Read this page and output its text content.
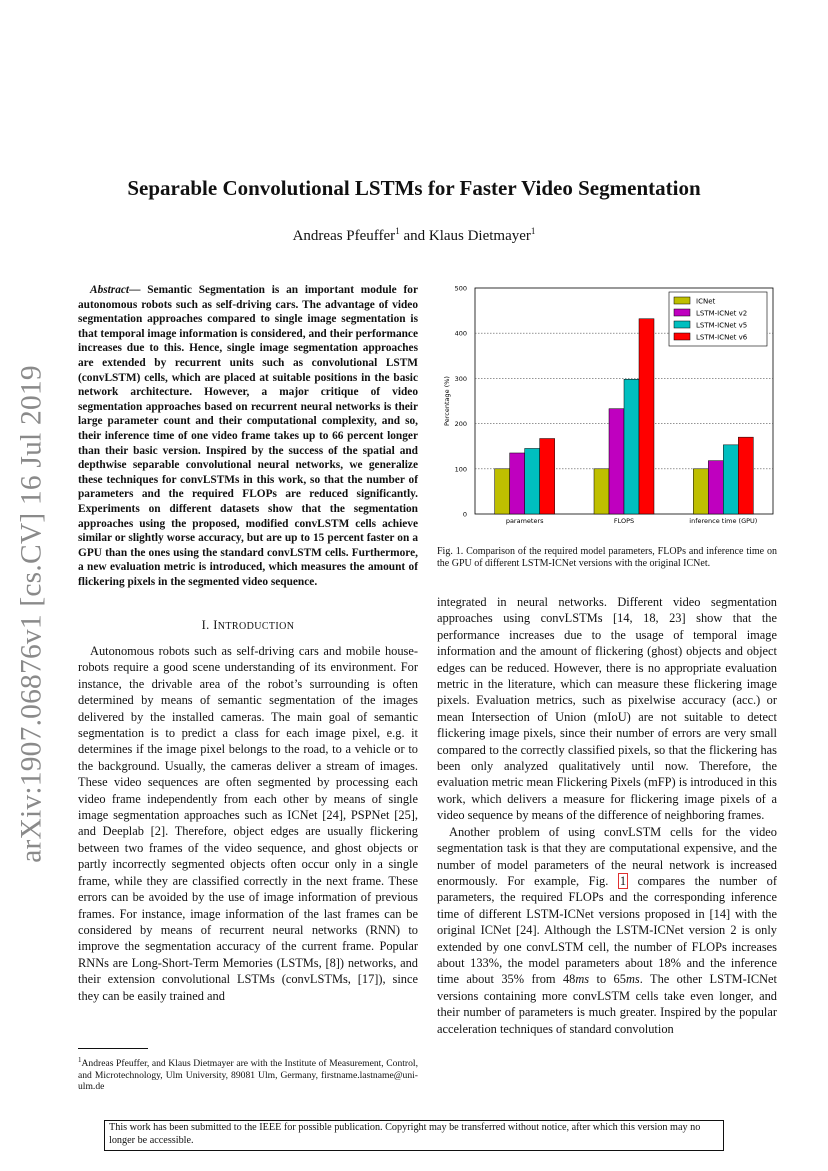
arXiv:1907.06876v1 [cs.CV] 16 Jul 2019
Separable Convolutional LSTMs for Faster Video Segmentation
Andreas Pfeuffer$^1$ and Klaus Dietmayer$^1$
Abstract— Semantic Segmentation is an important module for autonomous robots such as self-driving cars. The advantage of video segmentation approaches compared to single image segmentation is that temporal image information is considered, and their performance increases due to this. Hence, single image segmentation approaches are extended by recurrent units such as convolutional LSTM (convLSTM) cells, which are placed at suitable positions in the basic network architecture. However, a major critique of video segmentation approaches based on recurrent neural networks is their large parameter count and their computational complexity, and so, their inference time of one video frame takes up to 66 percent longer than their basic version. Inspired by the success of the spatial and depthwise separable convolutional neural networks, we generalize these techniques for convLSTMs in this work, so that the number of parameters and the required FLOPs are reduced significantly. Experiments on different datasets show that the segmentation approaches using the proposed, modified convLSTM cells achieve similar or slightly worse accuracy, but are up to 15 percent faster on a GPU than the ones using the standard convLSTM cells. Furthermore, a new evaluation metric is introduced, which measures the amount of flickering pixels in the segmented video sequence.
I. INTRODUCTION

Autonomous robots such as self-driving cars and mobile house-robots require a good scene understanding of its environment. For instance, the drivable area of the robot’s surrounding is often determined by means of semantic segmentation of the images delivered by the installed cameras. The main goal of semantic segmentation is to predict a class for each image pixel, e.g. it determines if the image pixel belongs to the road, to a vehicle or to the background. Usually, the cameras deliver a stream of images. These video sequences are often segmented by processing each video frame independently from each other by means of single image segmentation approaches such as ICNet [24], PSPNet [25], and Deeplab [2]. Therefore, object edges are usually flickering between two frames of the video sequence, and ghost objects or partly incorrectly segmented objects often occur only in a single frame, while they are classified correctly in the next frame. These errors can be avoided by the use of image information of previous frames. For instance, image information of the last frames can be considered by means of recurrent neural networks (RNN) to improve the segmentation accuracy of the current frame. Popular RNNs are Long-Short-Term Memories (LSTMs, [8]) networks, and their extension convolutional LSTMs (convLSTMs, [17]), since they can be easily trained and

$^1$Andreas Pfeuffer, and Klaus Dietmayer are with the Institute of Measurement, Control, and Microtechnology, Ulm University, 89081 Ulm, Germany, firstname.lastname@uni-ulm.de
0
100
200
300
400
500
Percentage (%)
parameters	FLOPS	inference time (GPU)
ICNet
LSTM-ICNet v2
LSTM-ICNet v5
LSTM-ICNet v6
Fig. 1. Comparison of the required model parameters, FLOPs and inference time on the GPU of different LSTM-ICNet versions with the original ICNet.

integrated in neural networks. Different video segmentation approaches using convLSTMs [14, 18, 23] show that the performance increases due to the usage of temporal image information and the amount of flickering (ghost) objects and object edges can be reduced. However, there is no appropriate evaluation metric in the literature, which can measure these flickering image pixels. Evaluation metrics, such as pixelwise accuracy (acc.) or mean Intersection of Union (mIoU) are not suitable to detect flickering image pixels, since their number of errors are very small compared to the correctly classified pixels, so that the flickering has been only analyzed qualitatively until now. Therefore, the evaluation metric mean Flickering Pixels (mFP) is introduced in this work, which delivers a measure for flickering image pixels of a video sequence by means of the difference of neighboring frames.

Another problem of using convLSTM cells for the video segmentation task is that they are computational expensive, and the number of model parameters of the neural network is increased enormously. For example, Fig. 1 compares the number of parameters, the required FLOPs and the corresponding inference time of different LSTM-ICNet versions proposed in [14] with the original ICNet [24]. Although the LSTM-ICNet version 2 is only extended by one convLSTM cell, the number of FLOPs increases about 133%, the model parameters about 18% and the inference time about 35% from 48ms to 65ms. The other LSTM-ICNet versions containing more convLSTM cells take even longer, and their number of parameters is much greater. Inspired by the popular acceleration techniques of standard convolution

This work has been submitted to the IEEE for possible publication. Copyright may be transferred without notice, after which this version may no longer be accessible.
